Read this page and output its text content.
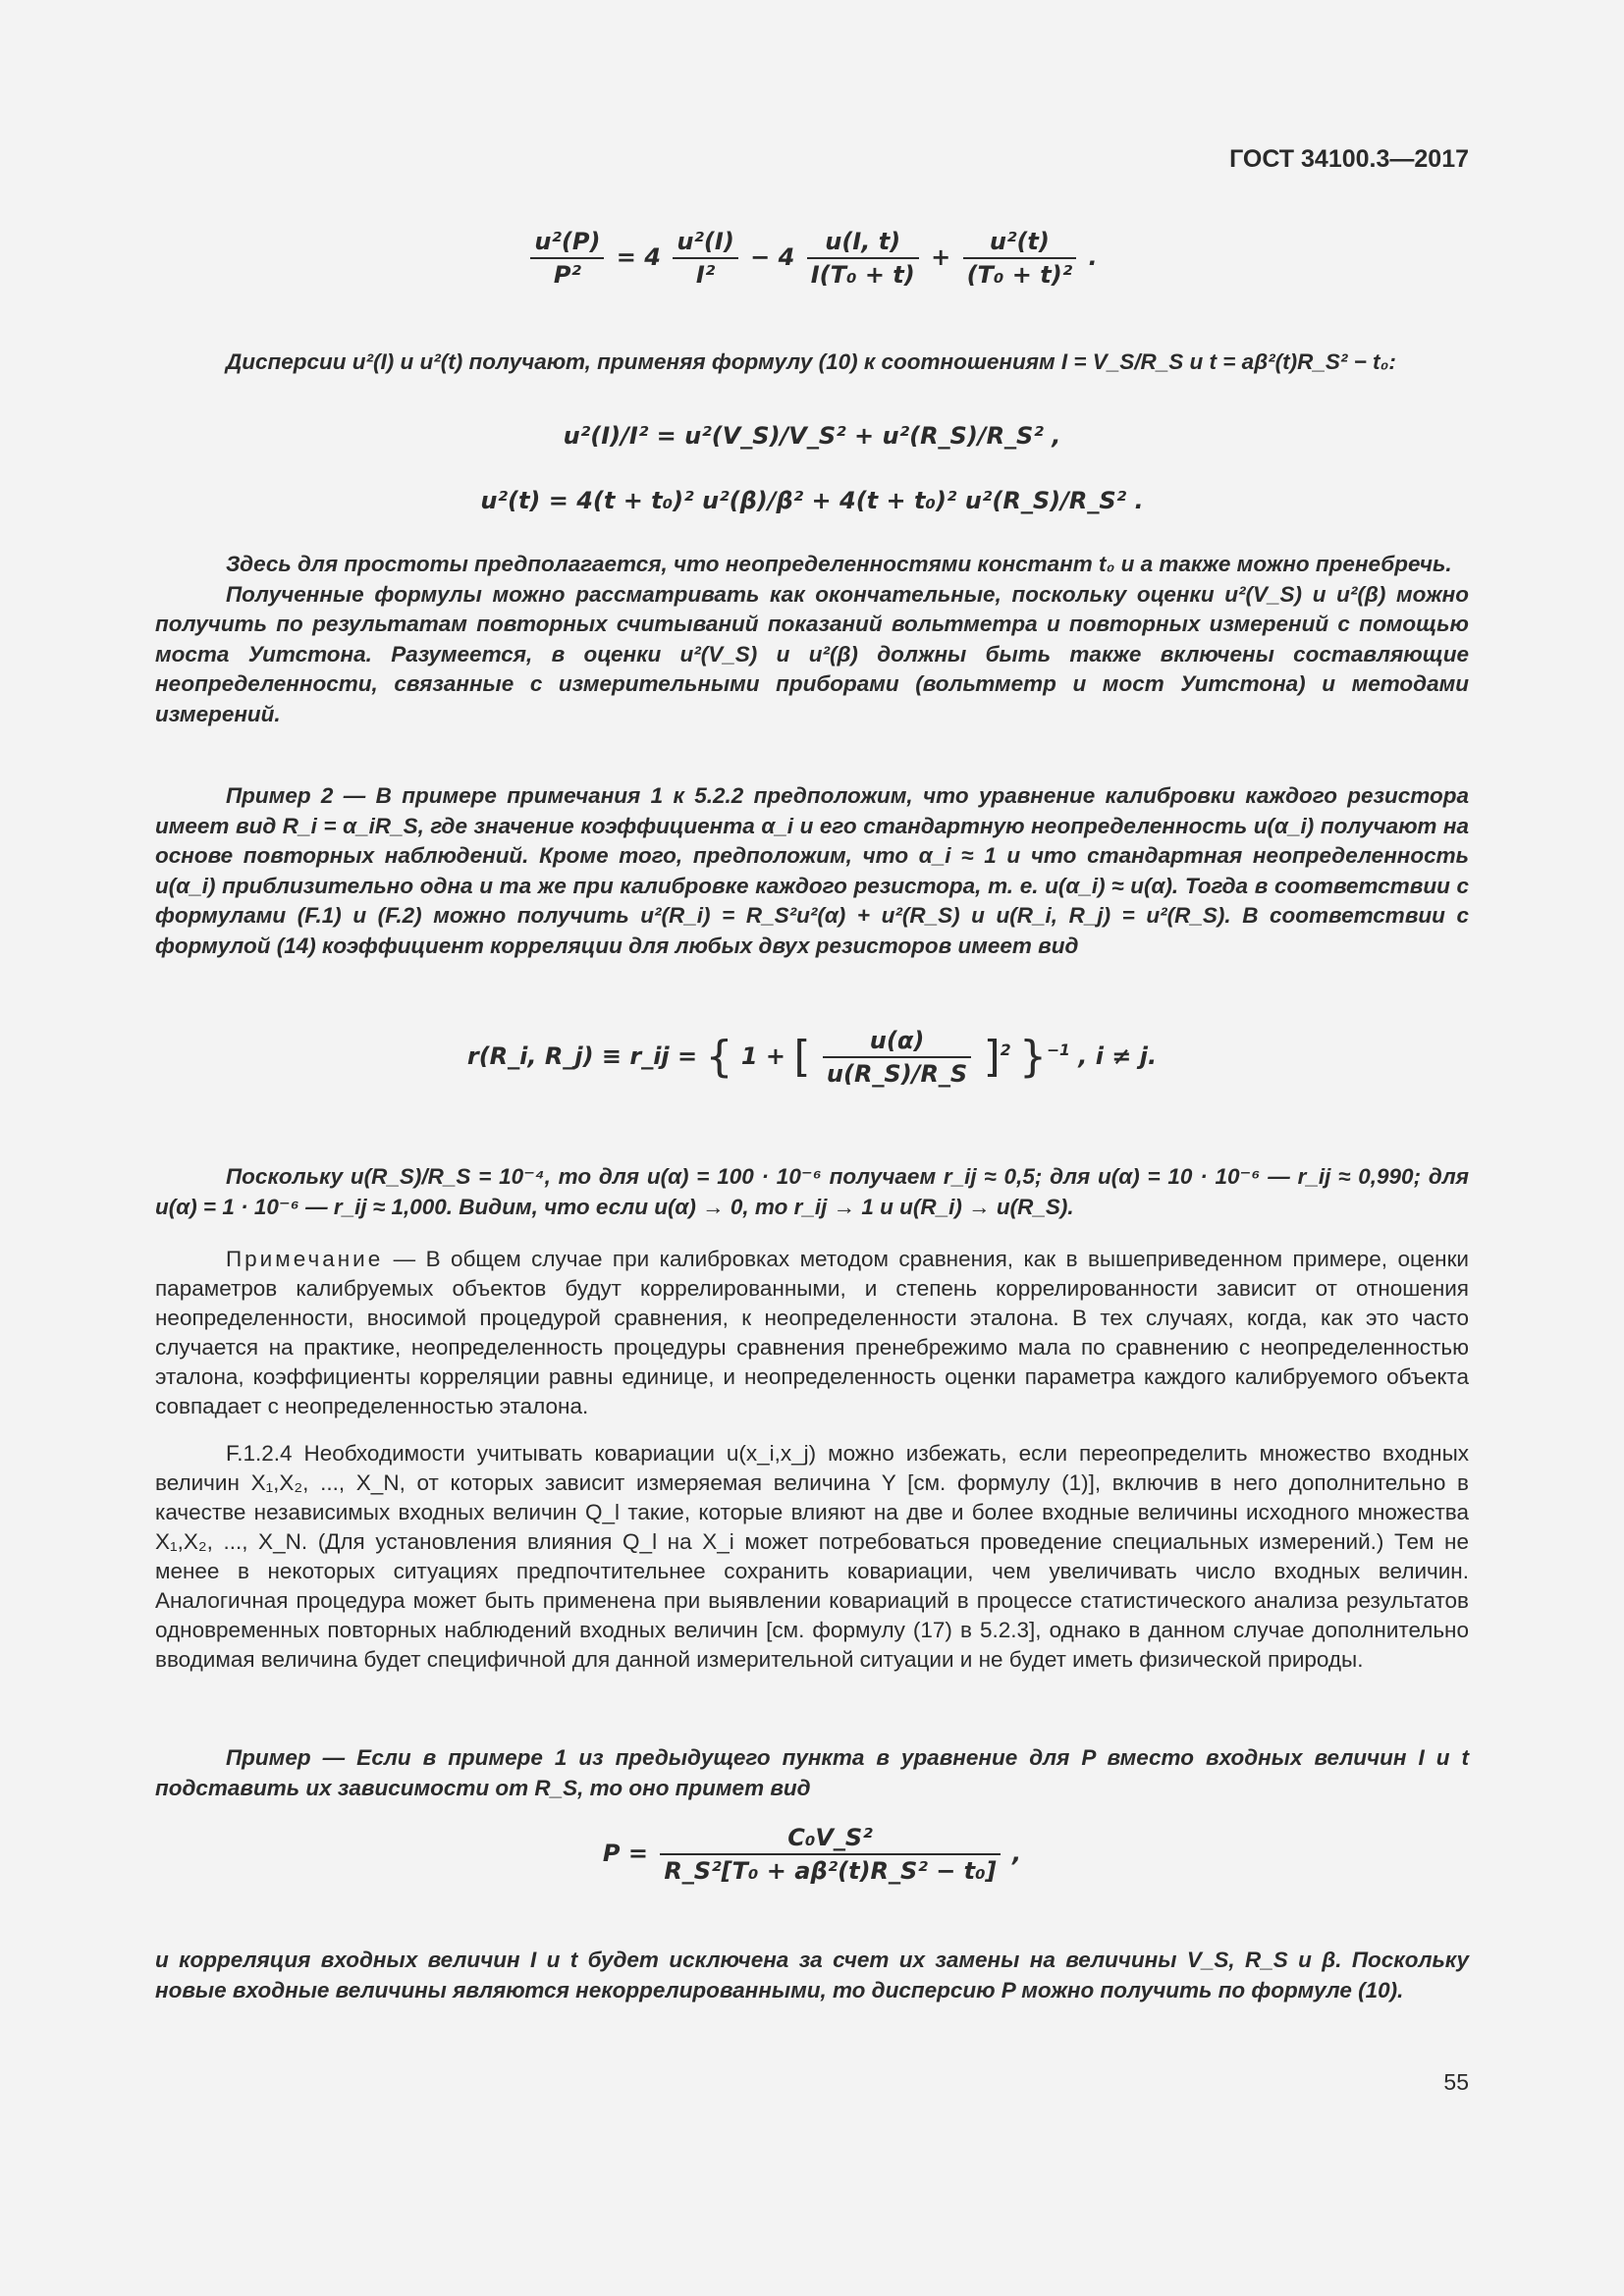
ГОСТ 34100.3—2017
$\frac{\text{u²(P)}}{\text{P²}} = 4 \frac{\text{u²(I)}}{\text{I²}} - 4 \frac{u(I, t)}{\text{I(T₀ + t)}} + \frac{\text{u²(t)}}{\text{(T₀ + t)²}}$ .

Дисперсии u²(I) и u²(t) получают, применяя формулу (10) к соотношениям I = V_S/R_S и t = aβ²(t)R_S² − t₀:

u²(I)/I² = u²(V_S)/V_S² + u²(R_S)/R_S² ,
u²(t) = 4(t + t₀)² u²(β)/β² + 4(t + t₀)² u²(R_S)/R_S² .

Здесь для простоты предполагается, что неопределенностями констант t₀ и a также можно пренебречь.

Полученные формулы можно рассматривать как окончательные, поскольку оценки u²(V_S) и u²(β) можно получить по результатам повторных считываний показаний вольтметра и повторных измерений с помощью моста Уитстона. Разумеется, в оценки u²(V_S) и u²(β) должны быть также включены составляющие неопределенности, связанные с измерительными приборами (вольтметр и мост Уитстона) и методами измерений.

Пример 2 — В примере примечания 1 к 5.2.2 предположим, что уравнение калибровки каждого резистора имеет вид R_i = α_iR_S, где значение коэффициента α_i и его стандартную неопределенность u(α_i) получают на основе повторных наблюдений. Кроме того, предположим, что α_i ≈ 1 и что стандартная неопределенность u(α_i) приблизительно одна и та же при калибровке каждого резистора, т. е. u(α_i) ≈ u(α). Тогда в соответствии с формулами (F.1) и (F.2) можно получить u²(R_i) = R_S²u²(α) + u²(R_S) и u(R_i, R_j) = u²(R_S). В соответствии с формулой (14) коэффициент корреляции для любых двух резисторов имеет вид

r(R_i, R_j) ≡ r_ij = { 1 + [ $\frac{u(\alpha)}{u(R\_S)/R\_S} ]^2$ }$^{-1}$ , i ≠ j.

Поскольку u(R_S)/R_S = 10⁻⁴, то для u(α) = 100 · 10⁻⁶ получаем r_ij ≈ 0,5; для u(α) = 10 · 10⁻⁶ — r_ij ≈ 0,990; для u(α) = 1 · 10⁻⁶ — r_ij ≈ 1,000. Видим, что если u(α) → 0, то r_ij → 1 и u(R_i) → u(R_S).

Примечание — В общем случае при калибровках методом сравнения, как в вышеприведенном примере, оценки параметров калибруемых объектов будут коррелированными, и степень коррелированности зависит от отношения неопределенности, вносимой процедурой сравнения, к неопределенности эталона. В тех случаях, когда, как это часто случается на практике, неопределенность процедуры сравнения пренебрежимо мала по сравнению с неопределенностью эталона, коэффициенты корреляции равны единице, и неопределенность оценки параметра каждого калибруемого объекта совпадает с неопределенностью эталона.

F.1.2.4 Необходимости учитывать ковариации u(x_i,x_j) можно избежать, если переопределить множество входных величин X₁,X₂, ..., X_N, от которых зависит измеряемая величина Y [см. формулу (1)], включив в него дополнительно в качестве независимых входных величин Q_l такие, которые влияют на две и более входные величины исходного множества X₁,X₂, ..., X_N. (Для установления влияния Q_l на X_i может потребоваться проведение специальных измерений.) Тем не менее в некоторых ситуациях предпочтительнее сохранить ковариации, чем увеличивать число входных величин. Аналогичная процедура может быть применена при выявлении ковариаций в процессе статистического анализа результатов одновременных повторных наблюдений входных величин [см. формулу (17) в 5.2.3], однако в данном случае дополнительно вводимая величина будет специфичной для данной измерительной ситуации и не будет иметь физической природы.

Пример — Если в примере 1 из предыдущего пункта в уравнение для P вместо входных величин I и t подставить их зависимости от R_S, то оно примет вид

$P = \frac{\text{C₀V\_S²}}{\text{R\_S²[T₀ + aβ²(t)R\_S² − t₀]}}$ ,

и корреляция входных величин I и t будет исключена за счет их замены на величины V_S, R_S и β. Поскольку новые входные величины являются некоррелированными, то дисперсию P можно получить по формуле (10).

55
